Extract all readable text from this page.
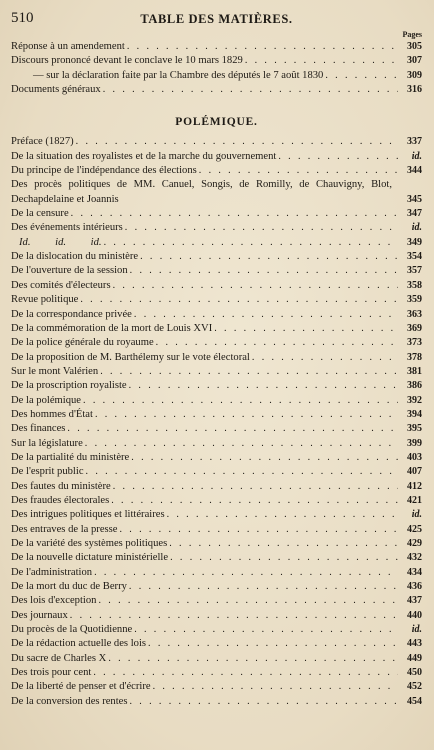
510	TABLE DES MATIÈRES.
Pages
Réponse à un amendement . . .	305
Discours prononcé devant le conclave le 10 mars 1829 . . .	307
— sur la déclaration faite par la Chambre des députés le 7 août 1830 . . .	309
Documents généraux . . .	316
POLÉMIQUE.
Préface (1827) . . .	337
De la situation des royalistes et de la marche du gouvernement . . .	id.
Du principe de l'indépendance des élections . . .	344
Des procès politiques de MM. Canuel, Songis, de Romilly, de Chauvigny, Blot, Dechapdelaine et Joannis	345
De la censure . . .	347
Des événements intérieurs . . .	id.
Id. id. id. . . .	349
De la dislocation du ministère . . .	354
De l'ouverture de la session . . .	357
Des comités d'électeurs . . .	358
Revue politique . . .	359
De la correspondance privée . . .	363
De la commémoration de la mort de Louis XVI . . .	369
De la police générale du royaume . . .	373
De la proposition de M. Barthélemy sur le vote électoral . . .	378
Sur le mont Valérien . . .	381
De la proscription royaliste . . .	386
De la polémique . . .	392
Des hommes d'État . . .	394
Des finances . . .	395
Sur la législature . . .	399
De la partialité du ministère . . .	403
De l'esprit public . . .	407
Des fautes du ministère . . .	412
Des fraudes électorales . . .	421
Des intrigues politiques et littéraires . . .	id.
Des entraves de la presse . . .	425
De la variété des systèmes politiques . . .	429
De la nouvelle dictature ministérielle . . .	432
De l'administration . . .	434
De la mort du duc de Berry . . .	436
Des lois d'exception . . .	437
Des journaux . . .	440
Du procès de la Quotidienne . . .	id.
De la rédaction actuelle des lois . . .	443
Du sacre de Charles X . . .	449
Des trois pour cent . . .	450
De la liberté de penser et d'écrire . . .	452
De la conversion des rentes . . .	454
